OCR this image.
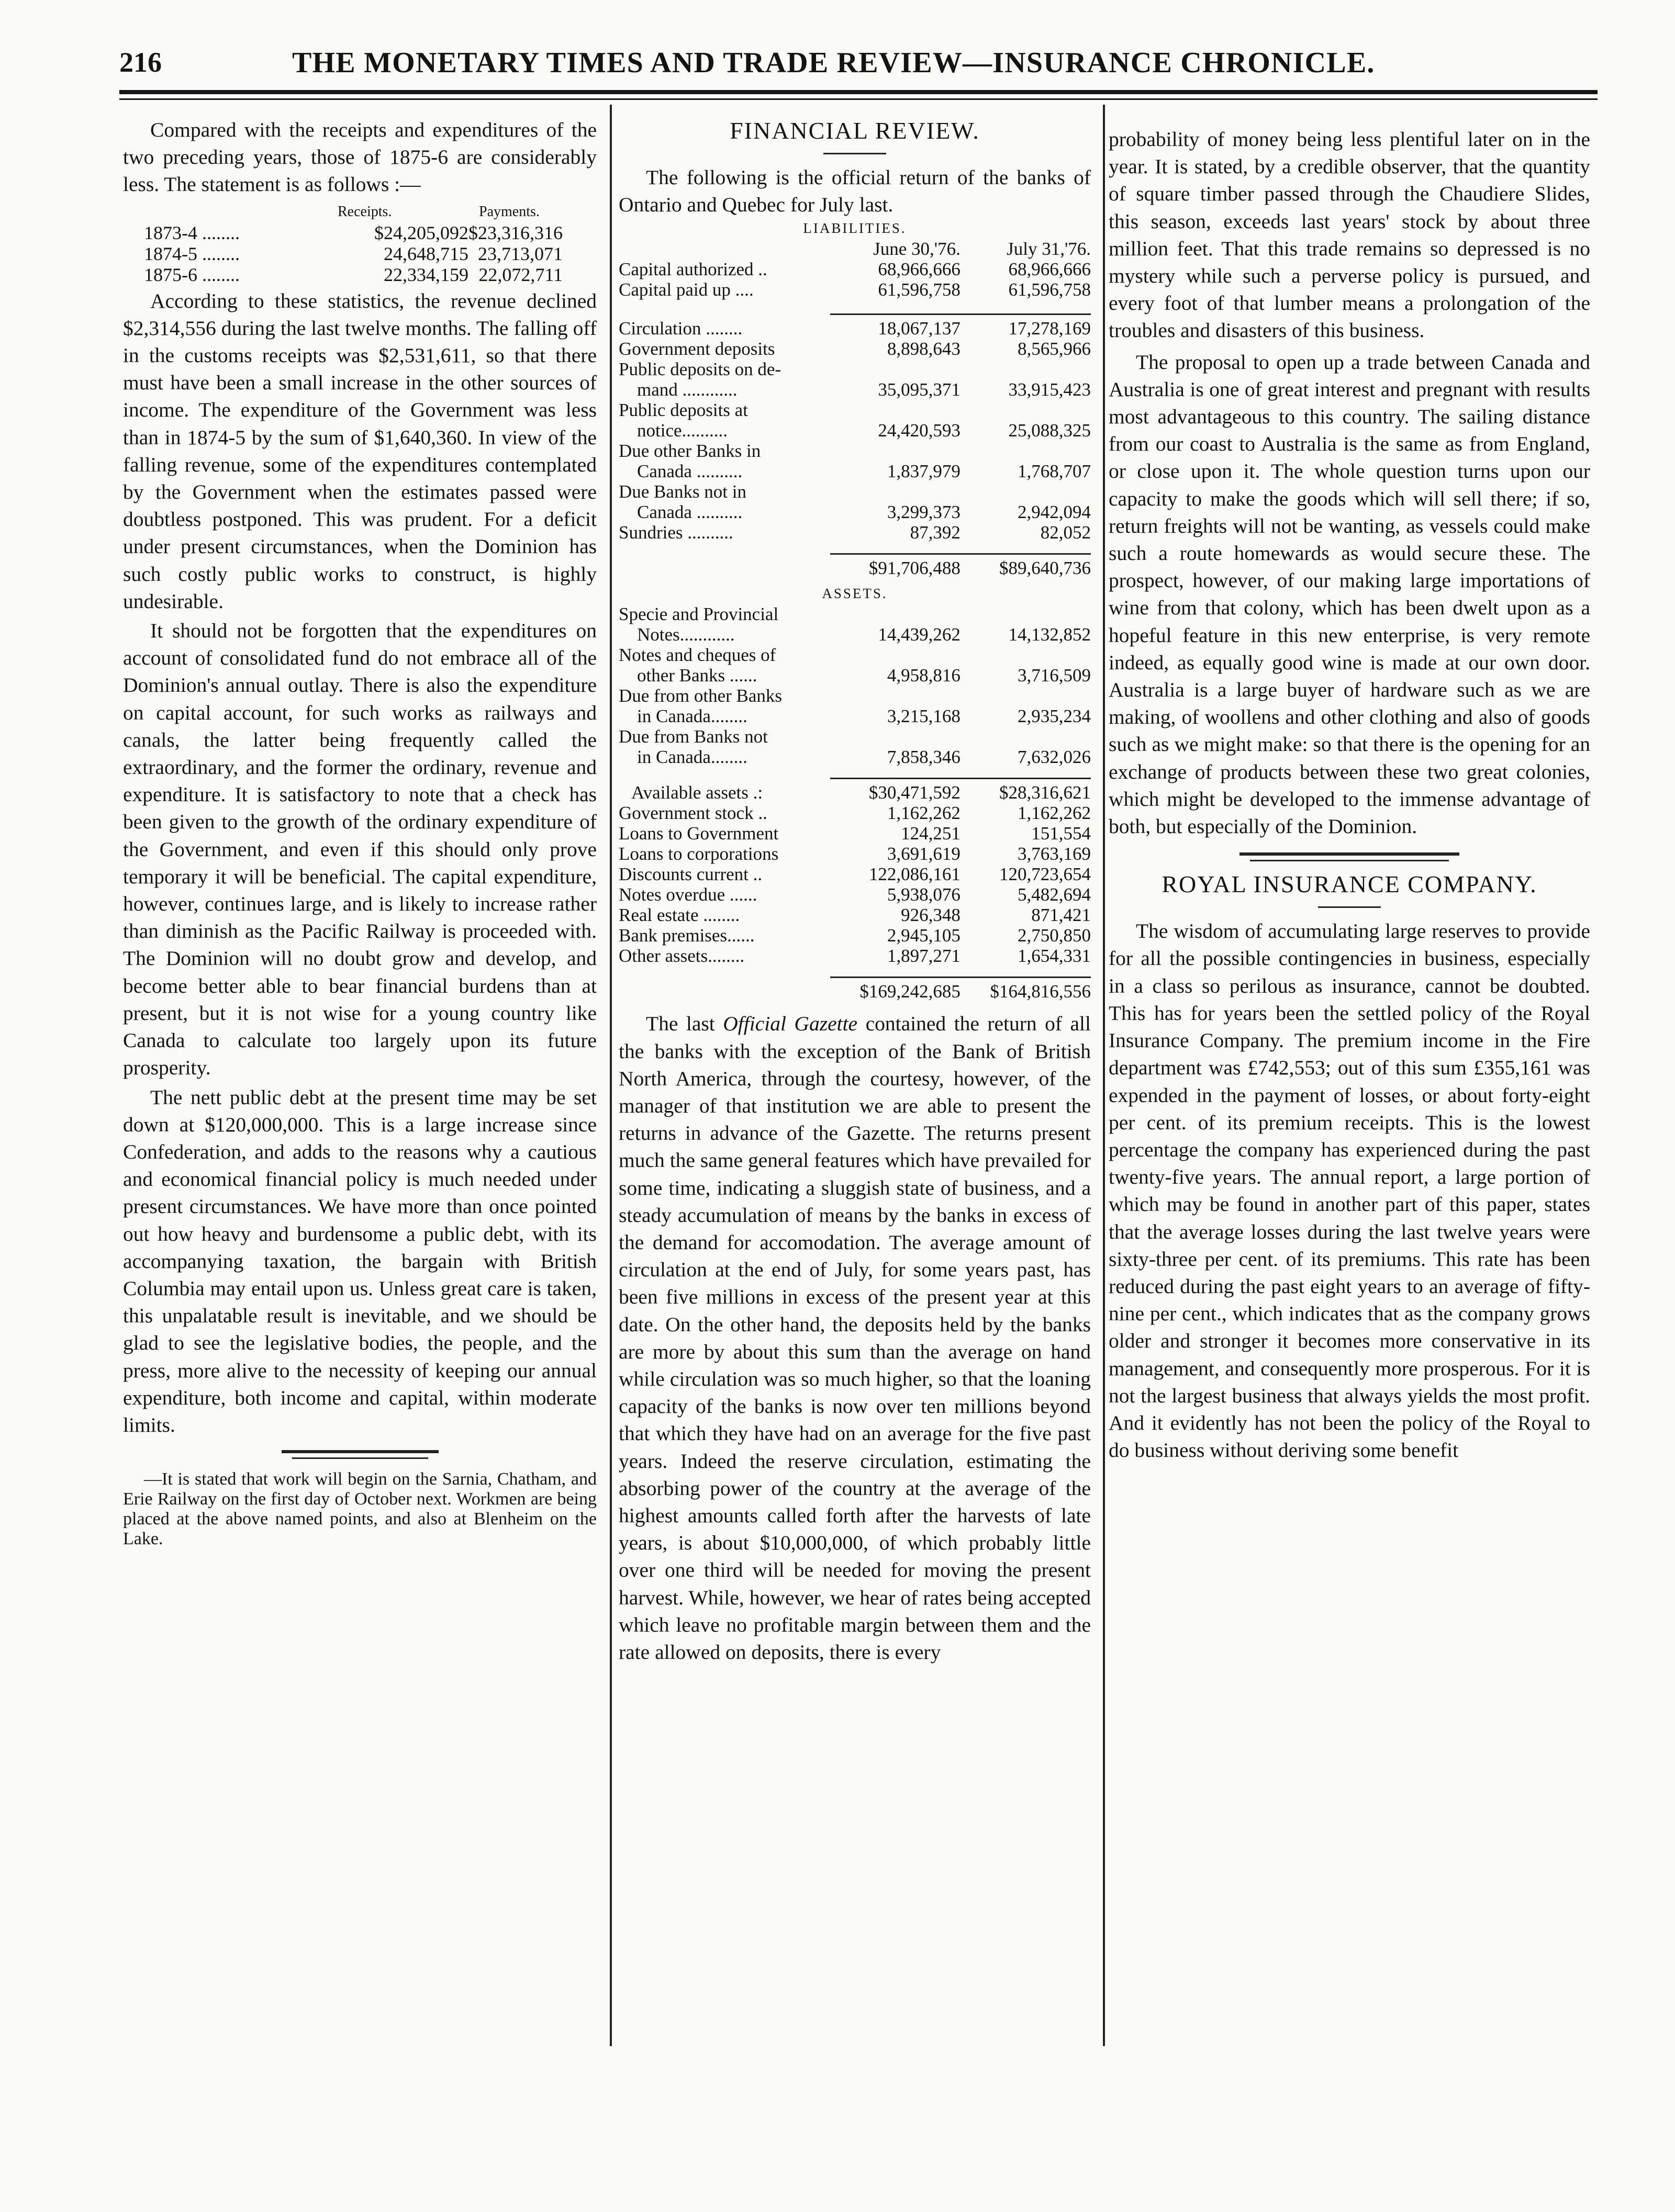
216	THE MONETARY TIMES AND TRADE REVIEW—INSURANCE CHRONICLE.

Compared with the receipts and expenditures of the two preceding years, those of 1875-6 are considerably less. The statement is as follows :—

	Receipts.	Payments.
1873-4 ........	$24,205,092	$23,316,316
1874-5 ........	24,648,715	23,713,071
1875-6 ........	22,334,159	22,072,711

According to these statistics, the revenue declined $2,314,556 during the last twelve months. The falling off in the customs receipts was $2,531,611, so that there must have been a small increase in the other sources of income. The expenditure of the Government was less than in 1874-5 by the sum of $1,640,360. In view of the falling revenue, some of the expenditures contemplated by the Government when the estimates passed were doubtless postponed. This was prudent. For a deficit under present circumstances, when the Dominion has such costly public works to construct, is highly undesirable.

It should not be forgotten that the expenditures on account of consolidated fund do not embrace all of the Dominion's annual outlay. There is also the expenditure on capital account, for such works as railways and canals, the latter being frequently called the extraordinary, and the former the ordinary, revenue and expenditure. It is satisfactory to note that a check has been given to the growth of the ordinary expenditure of the Government, and even if this should only prove temporary it will be beneficial. The capital expenditure, however, continues large, and is likely to increase rather than diminish as the Pacific Railway is proceeded with. The Dominion will no doubt grow and develop, and become better able to bear financial burdens than at present, but it is not wise for a young country like Canada to calculate too largely upon its future prosperity.

The nett public debt at the present time may be set down at $120,000,000. This is a large increase since Confederation, and adds to the reasons why a cautious and economical financial policy is much needed under present circumstances. We have more than once pointed out how heavy and burdensome a public debt, with its accompanying taxation, the bargain with British Columbia may entail upon us. Unless great care is taken, this unpalatable result is inevitable, and we should be glad to see the legislative bodies, the people, and the press, more alive to the necessity of keeping our annual expenditure, both income and capital, within moderate limits.

—It is stated that work will begin on the Sarnia, Chatham, and Erie Railway on the first day of October next. Workmen are being placed at the above named points, and also at Blenheim on the Lake.

FINANCIAL REVIEW.

The following is the official return of the banks of Ontario and Quebec for July last.

LIABILITIES.		
	June 30,'76.	July 31,'76.
Capital authorized ..	68,966,666	68,966,666
Capital paid up ....	61,596,758	61,596,758

Circulation ........	18,067,137	17,278,169
Government deposits	8,898,643	8,565,966
Public deposits on de-		
mand ............	35,095,371	33,915,423
Public deposits at		
notice..........	24,420,593	25,088,325
Due other Banks in		
Canada ..........	1,837,979	1,768,707
Due Banks not in		
Canada ..........	3,299,373	2,942,094
Sundries ..........	87,392	82,052

	$91,706,488	$89,640,736
ASSETS.		
Specie and Provincial		
Notes............	14,439,262	14,132,852
Notes and cheques of		
other Banks ......	4,958,816	3,716,509
Due from other Banks		
in Canada........	3,215,168	2,935,234
Due from Banks not		
in Canada........	7,858,346	7,632,026

Available assets .:	$30,471,592	$28,316,621
Government stock ..	1,162,262	1,162,262
Loans to Government	124,251	151,554
Loans to corporations	3,691,619	3,763,169
Discounts current ..	122,086,161	120,723,654
Notes overdue ......	5,938,076	5,482,694
Real estate ........	926,348	871,421
Bank premises......	2,945,105	2,750,850
Other assets........	1,897,271	1,654,331

	$169,242,685	$164,816,556

The last Official Gazette contained the return of all the banks with the exception of the Bank of British North America, through the courtesy, however, of the manager of that institution we are able to present the returns in advance of the Gazette. The returns present much the same general features which have prevailed for some time, indicating a sluggish state of business, and a steady accumulation of means by the banks in excess of the demand for accomodation. The average amount of circulation at the end of July, for some years past, has been five millions in excess of the present year at this date. On the other hand, the deposits held by the banks are more by about this sum than the average on hand while circulation was so much higher, so that the loaning capacity of the banks is now over ten millions beyond that which they have had on an average for the five past years. Indeed the reserve circulation, estimating the absorbing power of the country at the average of the highest amounts called forth after the harvests of late years, is about $10,000,000, of which probably little over one third will be needed for moving the present harvest. While, however, we hear of rates being accepted which leave no profitable margin between them and the rate allowed on deposits, there is every

probability of money being less plentiful later on in the year. It is stated, by a credible observer, that the quantity of square timber passed through the Chaudiere Slides, this season, exceeds last years' stock by about three million feet. That this trade remains so depressed is no mystery while such a perverse policy is pursued, and every foot of that lumber means a prolongation of the troubles and disasters of this business.

The proposal to open up a trade between Canada and Australia is one of great interest and pregnant with results most advantageous to this country. The sailing distance from our coast to Australia is the same as from England, or close upon it. The whole question turns upon our capacity to make the goods which will sell there; if so, return freights will not be wanting, as vessels could make such a route homewards as would secure these. The prospect, however, of our making large importations of wine from that colony, which has been dwelt upon as a hopeful feature in this new enterprise, is very remote indeed, as equally good wine is made at our own door. Australia is a large buyer of hardware such as we are making, of woollens and other clothing and also of goods such as we might make: so that there is the opening for an exchange of products between these two great colonies, which might be developed to the immense advantage of both, but especially of the Dominion.

ROYAL INSURANCE COMPANY.

The wisdom of accumulating large reserves to provide for all the possible contingencies in business, especially in a class so perilous as insurance, cannot be doubted. This has for years been the settled policy of the Royal Insurance Company. The premium income in the Fire department was £742,553; out of this sum £355,161 was expended in the payment of losses, or about forty-eight per cent. of its premium receipts. This is the lowest percentage the company has experienced during the past twenty-five years. The annual report, a large portion of which may be found in another part of this paper, states that the average losses during the last twelve years were sixty-three per cent. of its premiums. This rate has been reduced during the past eight years to an average of fifty-nine per cent., which indicates that as the company grows older and stronger it becomes more conservative in its management, and consequently more prosperous. For it is not the largest business that always yields the most profit. And it evidently has not been the policy of the Royal to do business without deriving some benefit
